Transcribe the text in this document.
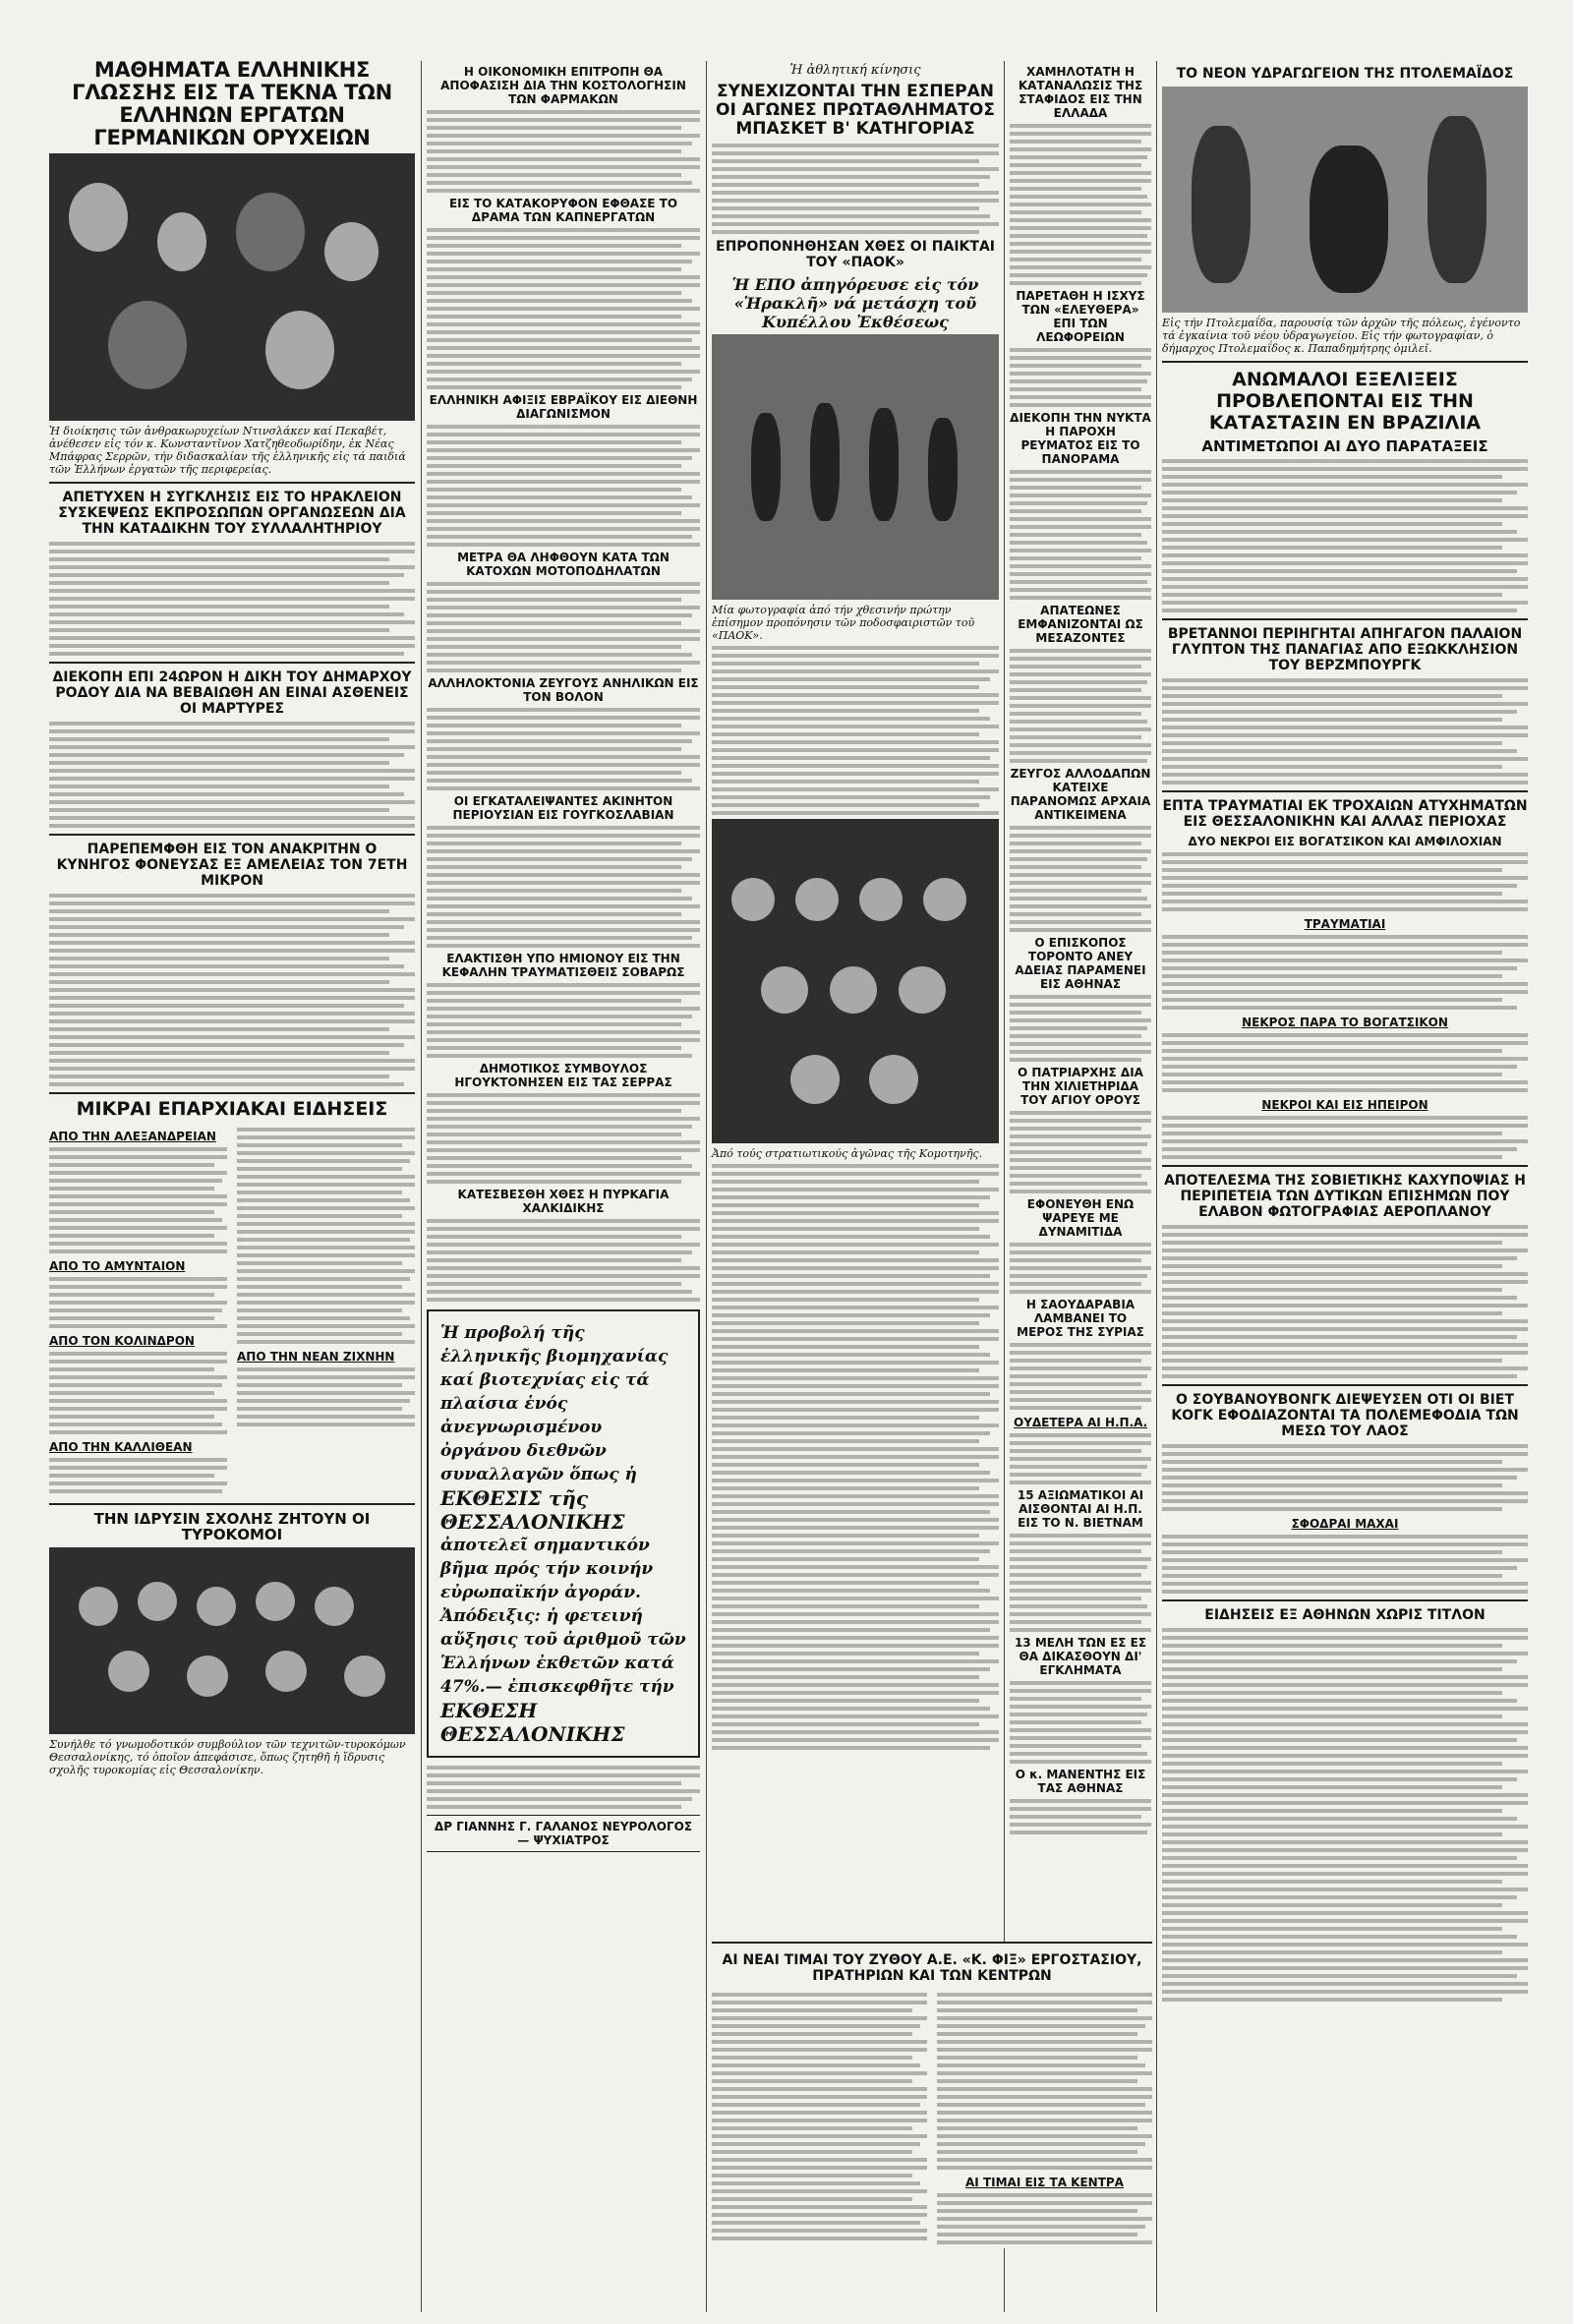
ΜΑΘΗΜΑΤΑ ΕΛΛΗΝΙΚΗΣ ΓΛΩΣΣΗΣ ΕΙΣ ΤΑ ΤΕΚΝΑ ΤΩΝ ΕΛΛΗΝΩΝ ΕΡΓΑΤΩΝ ΓΕΡΜΑΝΙΚΩΝ ΟΡΥΧΕΙΩΝ
Ἡ διοίκησις τῶν ἀνθρακωρυχείων Ντινσλάκεν καί Πεκαβέτ, ἀνέθεσεν εἰς τόν κ. Κωνσταντῖνον Χατζηθεοδωρίδην, ἐκ Νέας Μπάφρας Σερρῶν, τήν διδασκαλίαν τῆς ἑλληνικῆς εἰς τά παιδιά τῶν Ἑλλήνων ἐργατῶν τῆς περιφερείας.
ΑΠΕΤΥΧΕΝ Η ΣΥΓΚΛΗΣΙΣ ΕΙΣ ΤΟ ΗΡΑΚΛΕΙΟΝ ΣΥΣΚΕΨΕΩΣ ΕΚΠΡΟΣΩΠΩΝ ΟΡΓΑΝΩΣΕΩΝ ΔΙΑ ΤΗΝ ΚΑΤΑΔΙΚΗΝ ΤΟΥ ΣΥΛΛΑΛΗΤΗΡΙΟΥ
ΔΙΕΚΟΠΗ ΕΠΙ 24ΩΡΟΝ Η ΔΙΚΗ ΤΟΥ ΔΗΜΑΡΧΟΥ ΡΟΔΟΥ ΔΙΑ ΝΑ ΒΕΒΑΙΩΘΗ ΑΝ ΕΙΝΑΙ ΑΣΘΕΝΕΙΣ ΟΙ ΜΑΡΤΥΡΕΣ
ΠΑΡΕΠΕΜΦΘΗ ΕΙΣ ΤΟΝ ΑΝΑΚΡΙΤΗΝ Ο ΚΥΝΗΓΟΣ ΦΟΝΕΥΣΑΣ ΕΞ ΑΜΕΛΕΙΑΣ ΤΟΝ 7ΕΤΗ ΜΙΚΡΟΝ
ΜΙΚΡΑΙ ΕΠΑΡΧΙΑΚΑΙ ΕΙΔΗΣΕΙΣ
ΑΠΟ ΤΗΝ ΑΛΕΞΑΝΔΡΕΙΑΝ
ΑΠΟ ΤΟ ΑΜΥΝΤΑΙΟΝ
ΑΠΟ ΤΟΝ ΚΟΛΙΝΔΡΟΝ
ΑΠΟ ΤΗΝ ΚΑΛΛΙΘΕΑΝ
ΑΠΟ ΤΗΝ ΝΕΑΝ ΖΙΧΝΗΝ
ΤΗΝ ΙΔΡΥΣΙΝ ΣΧΟΛΗΣ ΖΗΤΟΥΝ ΟΙ ΤΥΡΟΚΟΜΟΙ
Συνήλθε τό γνωμοδοτικόν συμβούλιον τῶν τεχνιτῶν-τυροκόμων Θεσσαλονίκης, τό ὁποῖον ἀπεφάσισε, ὅπως ζητηθῆ ἡ ἵδρυσις σχολῆς τυροκομίας εἰς Θεσσαλονίκην.
Η ΟΙΚΟΝΟΜΙΚΗ ΕΠΙΤΡΟΠΗ ΘΑ ΑΠΟΦΑΣΙΣΗ ΔΙΑ ΤΗΝ ΚΟΣΤΟΛΟΓΗΣΙΝ ΤΩΝ ΦΑΡΜΑΚΩΝ
ΕΙΣ ΤΟ ΚΑΤΑΚΟΡΥΦΟΝ ΕΦΘΑΣΕ ΤΟ ΔΡΑΜΑ ΤΩΝ ΚΑΠΝΕΡΓΑΤΩΝ
ΕΛΛΗΝΙΚΗ ΑΦΙΞΙΣ ΕΒΡΑΪΚΟΥ ΕΙΣ ΔΙΕΘΝΗ ΔΙΑΓΩΝΙΣΜΟΝ
ΜΕΤΡΑ ΘΑ ΛΗΦΘΟΥΝ ΚΑΤΑ ΤΩΝ ΚΑΤΟΧΩΝ ΜΟΤΟΠΟΔΗΛΑΤΩΝ
ΑΛΛΗΛΟΚΤΟΝΙΑ ΖΕΥΓΟΥΣ ΑΝΗΛΙΚΩΝ ΕΙΣ ΤΟΝ ΒΟΛΟΝ
ΟΙ ΕΓΚΑΤΑΛΕΙΨΑΝΤΕΣ ΑΚΙΝΗΤΟΝ ΠΕΡΙΟΥΣΙΑΝ ΕΙΣ ΓΟΥΓΚΟΣΛΑΒΙΑΝ
ΕΛΑΚΤΙΣΘΗ ΥΠΟ ΗΜΙΟΝΟΥ ΕΙΣ ΤΗΝ ΚΕΦΑΛΗΝ ΤΡΑΥΜΑΤΙΣΘΕΙΣ ΣΟΒΑΡΩΣ
ΔΗΜΟΤΙΚΟΣ ΣΥΜΒΟΥΛΟΣ ΗΓΟΥΚΤΟΝΗΣΕΝ ΕΙΣ ΤΑΣ ΣΕΡΡΑΣ
ΚΑΤΕΣΒΕΣΘΗ ΧΘΕΣ Η ΠΥΡΚΑΓΙΑ ΧΑΛΚΙΔΙΚΗΣ
Ἡ προβολή τῆς ἑλληνικῆς βιομηχανίας καί βιοτεχνίας εἰς τά πλαίσια ἑνός ἀνεγνωρισμένου ὀργάνου διεθνῶν συναλλαγῶν ὅπως ἡ
ΕΚΘΕΣΙΣ τῆς ΘΕΣΣΑΛΟΝΙΚΗΣ
ἀποτελεῖ σημαντικόν βῆμα πρός τήν κοινήν εὐρωπαϊκήν ἀγοράν. Ἀπόδειξις: ἡ φετεινή αὔξησις τοῦ ἀριθμοῦ τῶν Ἑλλήνων ἐκθετῶν κατά 47%.— ἐπισκεφθῆτε τήν
ΕΚΘΕΣΗ ΘΕΣΣΑΛΟΝΙΚΗΣ
ΔΡ ΓΙΑΝΝΗΣ Γ. ΓΑΛΑΝΟΣ ΝΕΥΡΟΛΟΓΟΣ — ΨΥΧΙΑΤΡΟΣ
Ἡ ἀθλητική κίνησις
ΣΥΝΕΧΙΖΟΝΤΑΙ ΤΗΝ ΕΣΠΕΡΑΝ ΟΙ ΑΓΩΝΕΣ ΠΡΩΤΑΘΛΗΜΑΤΟΣ ΜΠΑΣΚΕΤ Β' ΚΑΤΗΓΟΡΙΑΣ
ΕΠΡΟΠΟΝΗΘΗΣΑΝ ΧΘΕΣ ΟΙ ΠΑΙΚΤΑΙ ΤΟΥ «ΠΑΟΚ»
Ἡ ΕΠΟ ἀπηγόρευσε εἰς τόν «Ἡρακλῆ» νά μετάσχη τοῦ Κυπέλλου Ἐκθέσεως
Μία φωτογραφία ἀπό τήν χθεσινήν πρώτην ἐπίσημον προπόνησιν τῶν ποδοσφαιριστῶν τοῦ «ΠΑΟΚ».
Ἀπό τούς στρατιωτικούς ἀγῶνας τῆς Κομοτηνῆς.
ΧΑΜΗΛΟΤΑΤΗ Η ΚΑΤΑΝΑΛΩΣΙΣ ΤΗΣ ΣΤΑΦΙΔΟΣ ΕΙΣ ΤΗΝ ΕΛΛΑΔΑ
ΠΑΡΕΤΑΘΗ Η ΙΣΧΥΣ ΤΩΝ «ΕΛΕΥΘΕΡΑ» ΕΠΙ ΤΩΝ ΛΕΩΦΟΡΕΙΩΝ
ΔΙΕΚΟΠΗ ΤΗΝ ΝΥΚΤΑ Η ΠΑΡΟΧΗ ΡΕΥΜΑΤΟΣ ΕΙΣ ΤΟ ΠΑΝΟΡΑΜΑ
ΑΠΑΤΕΩΝΕΣ ΕΜΦΑΝΙΖΟΝΤΑΙ ΩΣ ΜΕΣΑΖΟΝΤΕΣ
ΖΕΥΓΟΣ ΑΛΛΟΔΑΠΩΝ ΚΑΤΕΙΧΕ ΠΑΡΑΝΟΜΩΣ ΑΡΧΑΙΑ ΑΝΤΙΚΕΙΜΕΝΑ
Ο ΕΠΙΣΚΟΠΟΣ ΤΟΡΟΝΤΟ ΑΝΕΥ ΑΔΕΙΑΣ ΠΑΡΑΜΕΝΕΙ ΕΙΣ ΑΘΗΝΑΣ
Ο ΠΑΤΡΙΑΡΧΗΣ ΔΙΑ ΤΗΝ ΧΙΛΙΕΤΗΡΙΔΑ ΤΟΥ ΑΓΙΟΥ ΟΡΟΥΣ
ΕΦΟΝΕΥΘΗ ΕΝΩ ΨΑΡΕΥΕ ΜΕ ΔΥΝΑΜΙΤΙΔΑ
Η ΣΑΟΥΔΑΡΑΒΙΑ ΛΑΜΒΑΝΕΙ ΤΟ ΜΕΡΟΣ ΤΗΣ ΣΥΡΙΑΣ
ΟΥΔΕΤΕΡΑ ΑΙ Η.Π.Α.
15 ΑΞΙΩΜΑΤΙΚΟΙ ΑΙ ΑΙΣΘΟΝΤΑΙ ΑΙ Η.Π. ΕΙΣ ΤΟ Ν. ΒΙΕΤΝΑΜ
13 ΜΕΛΗ ΤΩΝ ΕΣ ΕΣ ΘΑ ΔΙΚΑΣΘΟΥΝ ΔΙ' ΕΓΚΛΗΜΑΤΑ
Ο κ. ΜΑΝΕΝΤΗΣ ΕΙΣ ΤΑΣ ΑΘΗΝΑΣ
ΤΟ ΝΕΟΝ ΥΔΡΑΓΩΓΕΙΟΝ ΤΗΣ ΠΤΟΛΕΜΑΪΔΟΣ
Εἰς τήν Πτολεμαΐδα, παρουσίᾳ τῶν ἀρχῶν τῆς πόλεως, ἐγένοντο τά ἐγκαίνια τοῦ νέου ὑδραγωγείου. Εἰς τήν φωτογραφίαν, ὁ δήμαρχος Πτολεμαΐδος κ. Παπαδημήτρης ὁμιλεῖ.
ΑΝΩΜΑΛΟΙ ΕΞΕΛΙΞΕΙΣ ΠΡΟΒΛΕΠΟΝΤΑΙ ΕΙΣ ΤΗΝ ΚΑΤΑΣΤΑΣΙΝ ΕΝ ΒΡΑΖΙΛΙΑ
ΑΝΤΙΜΕΤΩΠΟΙ ΑΙ ΔΥΟ ΠΑΡΑΤΑΞΕΙΣ
ΒΡΕΤΑΝΝΟΙ ΠΕΡΙΗΓΗΤΑΙ ΑΠΗΓΑΓΟΝ ΠΑΛΑΙΟΝ ΓΛΥΠΤΟΝ ΤΗΣ ΠΑΝΑΓΙΑΣ ΑΠΟ ΕΞΩΚΚΛΗΣΙΟΝ ΤΟΥ ΒΕΡΖΜΠΟΥΡΓΚ
ΕΠΤΑ ΤΡΑΥΜΑΤΙΑΙ ΕΚ ΤΡΟΧΑΙΩΝ ΑΤΥΧΗΜΑΤΩΝ ΕΙΣ ΘΕΣΣΑΛΟΝΙΚΗΝ ΚΑΙ ΑΛΛΑΣ ΠΕΡΙΟΧΑΣ
ΔΥΟ ΝΕΚΡΟΙ ΕΙΣ ΒΟΓΑΤΣΙΚΟΝ ΚΑΙ ΑΜΦΙΛΟΧΙΑΝ
ΤΡΑΥΜΑΤΙΑΙ
ΝΕΚΡΟΣ ΠΑΡΑ ΤΟ ΒΟΓΑΤΣΙΚΟΝ
ΝΕΚΡΟΙ ΚΑΙ ΕΙΣ ΗΠΕΙΡΟΝ
ΑΠΟΤΕΛΕΣΜΑ ΤΗΣ ΣΟΒΙΕΤΙΚΗΣ ΚΑΧΥΠΟΨΙΑΣ Η ΠΕΡΙΠΕΤΕΙΑ ΤΩΝ ΔΥΤΙΚΩΝ ΕΠΙΣΗΜΩΝ ΠΟΥ ΕΛΑΒΟΝ ΦΩΤΟΓΡΑΦΙΑΣ ΑΕΡΟΠΛΑΝΟΥ
Ο ΣΟΥΒΑΝΟΥΒΟΝΓΚ ΔΙΕΨΕΥΣΕΝ ΟΤΙ ΟΙ ΒΙΕΤ ΚΟΓΚ ΕΦΟΔΙΑΖΟΝΤΑΙ ΤΑ ΠΟΛΕΜΕΦΟΔΙΑ ΤΩΝ ΜΕΣΩ ΤΟΥ ΛΑΟΣ
ΣΦΟΔΡΑΙ ΜΑΧΑΙ
ΕΙΔΗΣΕΙΣ ΕΞ ΑΘΗΝΩΝ ΧΩΡΙΣ ΤΙΤΛΟΝ
ΑΙ ΝΕΑΙ ΤΙΜΑΙ ΤΟΥ ΖΥΘΟΥ Α.Ε. «Κ. ΦΙΞ» ΕΡΓΟΣΤΑΣΙΟΥ, ΠΡΑΤΗΡΙΩΝ ΚΑΙ ΤΩΝ ΚΕΝΤΡΩΝ
ΑΙ ΤΙΜΑΙ ΕΙΣ ΤΑ ΚΕΝΤΡΑ
